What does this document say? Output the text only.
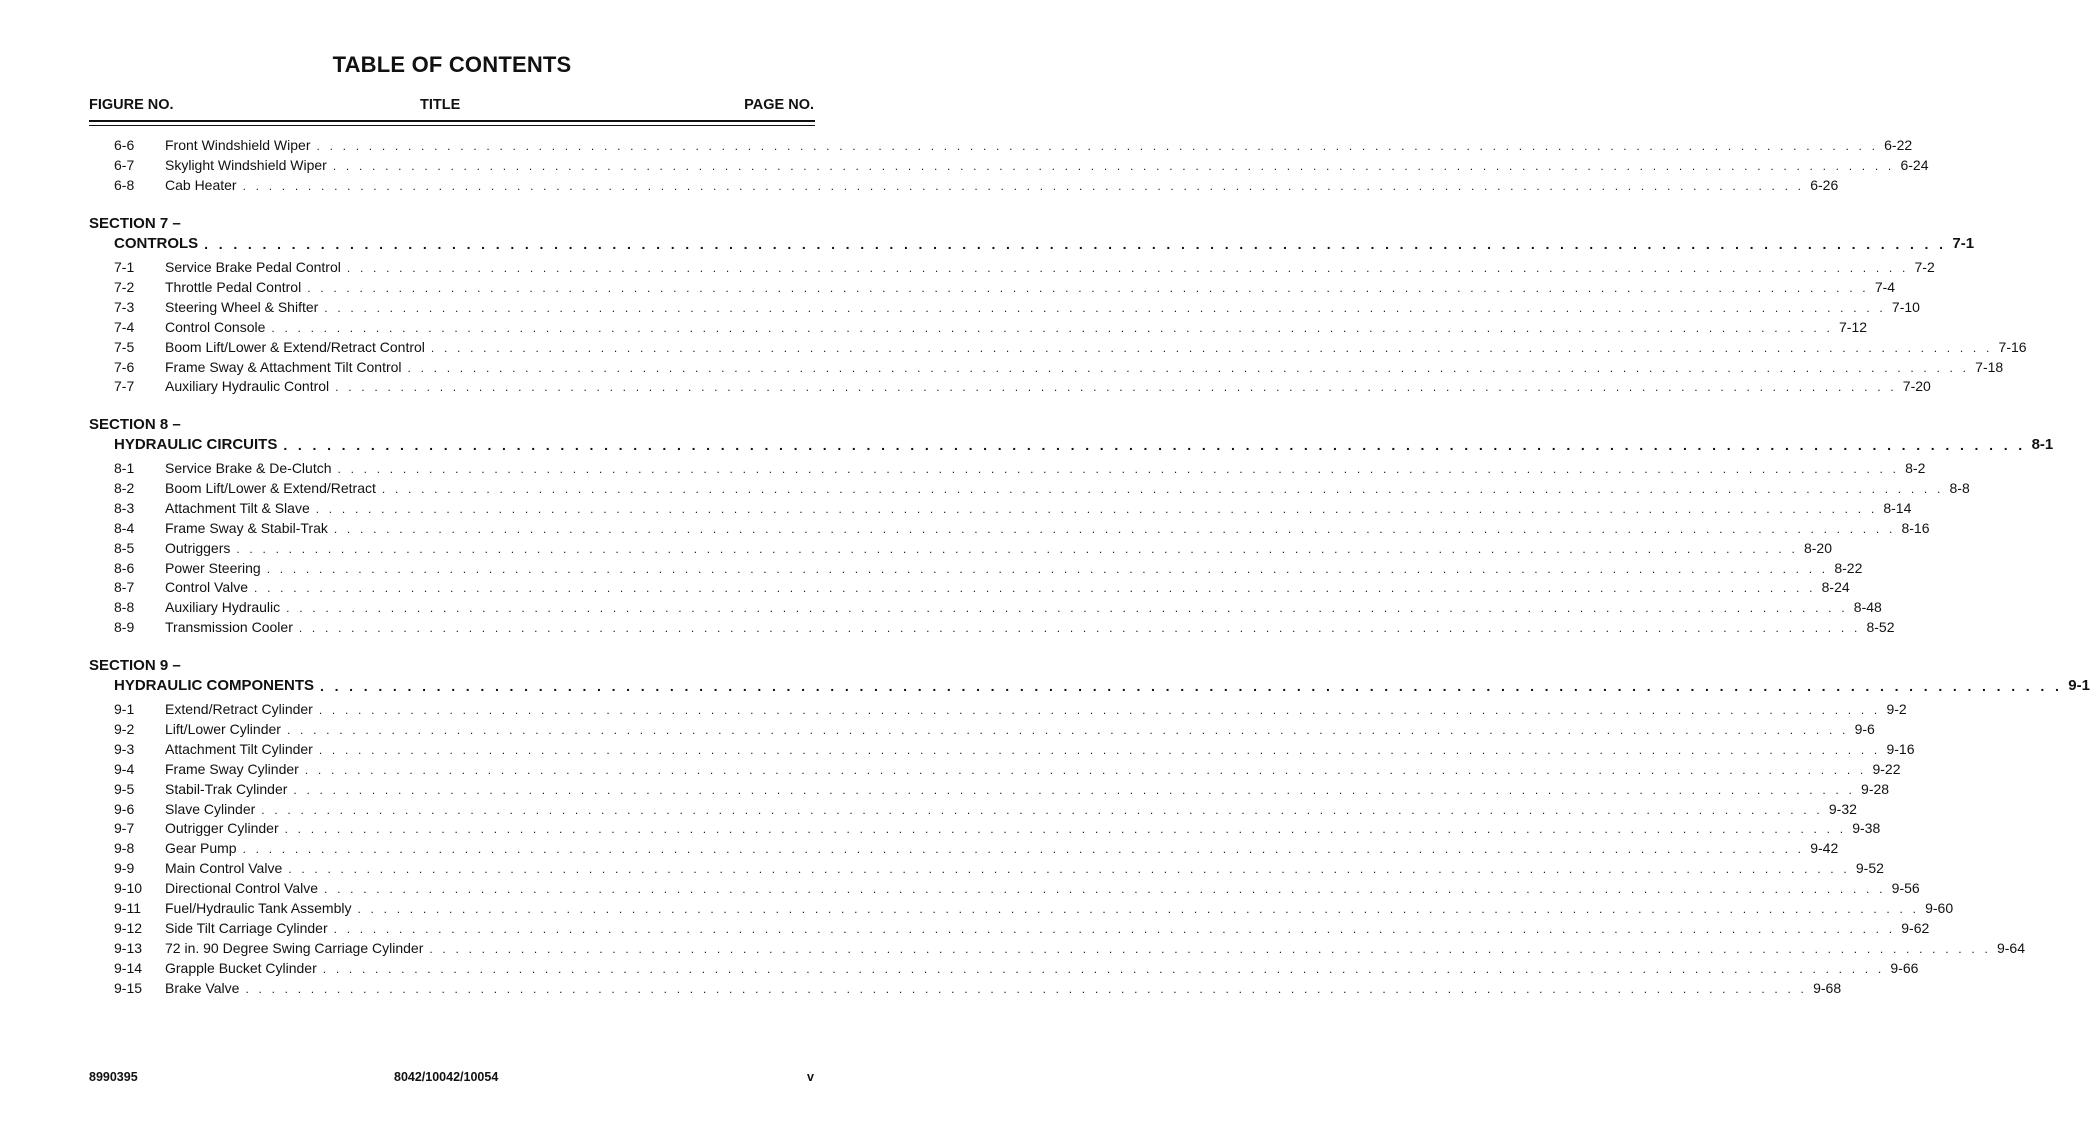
TABLE OF CONTENTS
FIGURE NO.	TITLE	PAGE NO.
6-6	Front Windshield Wiper . . . . . . . . . . . . . . . . . . . . . . . . . . . . . . . . . . . . . . . . . . . . . . . . . . . . . . . . . . . . . . . . . . . . . . . . . . . . . . . . . . . . . . . . . . . . . . . . . . . . . . . . . . . . . . . . . . . . . . . . 6-22
6-7	Skylight Windshield Wiper . . . . . . . . . . . . . . . . . . . . . . . . . . . . . . . . . . . . . . . . . . . . . . . . . . . . . . . . . . . . . . . . . . . . . . . . . . . . . . . . . . . . . . . . . . . . . . . . . . . . . . . . . . . . . . . . . . . . . . . . 6-24
6-8	Cab Heater . . . . . . . . . . . . . . . . . . . . . . . . . . . . . . . . . . . . . . . . . . . . . . . . . . . . . . . . . . . . . . . . . . . . . . . . . . . . . . . . . . . . . . . . . . . . . . . . . . . . . . . . . . . . . . . . . . . . . . . . 6-26
SECTION 7 –
CONTROLS . . . . . . . . . . . . . . . . . . . . . . . . . . . . . . . . . . . . . . . . . . . . . . . . . . . . . . . . . . . . . . . . . . . . . . . . . . . . . . . . . . . . . . . . . . . . . . . . . . . . . . . . . . . . . . . . . . . . . . . . 7-1
7-1	Service Brake Pedal Control . . . . . . . . . . . . . . . . . . . . . . . . . . . . . . . . . . . . . . . . . . . . . . . . . . . . . . . . . . . . . . . . . . . . . . . . . . . . . . . . . . . . . . . . . . . . . . . . . . . . . . . . . . . . . . . . . . . . . . . . 7-2
7-2	Throttle Pedal Control . . . . . . . . . . . . . . . . . . . . . . . . . . . . . . . . . . . . . . . . . . . . . . . . . . . . . . . . . . . . . . . . . . . . . . . . . . . . . . . . . . . . . . . . . . . . . . . . . . . . . . . . . . . . . . . . . . . . . . . . 7-4
7-3	Steering Wheel & Shifter . . . . . . . . . . . . . . . . . . . . . . . . . . . . . . . . . . . . . . . . . . . . . . . . . . . . . . . . . . . . . . . . . . . . . . . . . . . . . . . . . . . . . . . . . . . . . . . . . . . . . . . . . . . . . . . . . . . . . . . . 7-10
7-4	Control Console . . . . . . . . . . . . . . . . . . . . . . . . . . . . . . . . . . . . . . . . . . . . . . . . . . . . . . . . . . . . . . . . . . . . . . . . . . . . . . . . . . . . . . . . . . . . . . . . . . . . . . . . . . . . . . . . . . . . . . . . 7-12
7-5	Boom Lift/Lower & Extend/Retract Control . . . . . . . . . . . . . . . . . . . . . . . . . . . . . . . . . . . . . . . . . . . . . . . . . . . . . . . . . . . . . . . . . . . . . . . . . . . . . . . . . . . . . . . . . . . . . . . . . . . . . . . . . . . . . . . . . . . . . . . . 7-16
7-6	Frame Sway & Attachment Tilt Control . . . . . . . . . . . . . . . . . . . . . . . . . . . . . . . . . . . . . . . . . . . . . . . . . . . . . . . . . . . . . . . . . . . . . . . . . . . . . . . . . . . . . . . . . . . . . . . . . . . . . . . . . . . . . . . . . . . . . . . . 7-18
7-7	Auxiliary Hydraulic Control . . . . . . . . . . . . . . . . . . . . . . . . . . . . . . . . . . . . . . . . . . . . . . . . . . . . . . . . . . . . . . . . . . . . . . . . . . . . . . . . . . . . . . . . . . . . . . . . . . . . . . . . . . . . . . . . . . . . . . . . 7-20
SECTION 8 –
HYDRAULIC CIRCUITS . . . . . . . . . . . . . . . . . . . . . . . . . . . . . . . . . . . . . . . . . . . . . . . . . . . . . . . . . . . . . . . . . . . . . . . . . . . . . . . . . . . . . . . . . . . . . . . . . . . . . . . . . . . . . . . . . . . . . . . . 8-1
8-1	Service Brake & De-Clutch . . . . . . . . . . . . . . . . . . . . . . . . . . . . . . . . . . . . . . . . . . . . . . . . . . . . . . . . . . . . . . . . . . . . . . . . . . . . . . . . . . . . . . . . . . . . . . . . . . . . . . . . . . . . . . . . . . . . . . . . 8-2
8-2	Boom Lift/Lower & Extend/Retract . . . . . . . . . . . . . . . . . . . . . . . . . . . . . . . . . . . . . . . . . . . . . . . . . . . . . . . . . . . . . . . . . . . . . . . . . . . . . . . . . . . . . . . . . . . . . . . . . . . . . . . . . . . . . . . . . . . . . . . . 8-8
8-3	Attachment Tilt & Slave . . . . . . . . . . . . . . . . . . . . . . . . . . . . . . . . . . . . . . . . . . . . . . . . . . . . . . . . . . . . . . . . . . . . . . . . . . . . . . . . . . . . . . . . . . . . . . . . . . . . . . . . . . . . . . . . . . . . . . . . 8-14
8-4	Frame Sway & Stabil-Trak . . . . . . . . . . . . . . . . . . . . . . . . . . . . . . . . . . . . . . . . . . . . . . . . . . . . . . . . . . . . . . . . . . . . . . . . . . . . . . . . . . . . . . . . . . . . . . . . . . . . . . . . . . . . . . . . . . . . . . . . 8-16
8-5	Outriggers . . . . . . . . . . . . . . . . . . . . . . . . . . . . . . . . . . . . . . . . . . . . . . . . . . . . . . . . . . . . . . . . . . . . . . . . . . . . . . . . . . . . . . . . . . . . . . . . . . . . . . . . . . . . . . . . . . . . . . . . 8-20
8-6	Power Steering . . . . . . . . . . . . . . . . . . . . . . . . . . . . . . . . . . . . . . . . . . . . . . . . . . . . . . . . . . . . . . . . . . . . . . . . . . . . . . . . . . . . . . . . . . . . . . . . . . . . . . . . . . . . . . . . . . . . . . . . 8-22
8-7	Control Valve . . . . . . . . . . . . . . . . . . . . . . . . . . . . . . . . . . . . . . . . . . . . . . . . . . . . . . . . . . . . . . . . . . . . . . . . . . . . . . . . . . . . . . . . . . . . . . . . . . . . . . . . . . . . . . . . . . . . . . . . 8-24
8-8	Auxiliary Hydraulic . . . . . . . . . . . . . . . . . . . . . . . . . . . . . . . . . . . . . . . . . . . . . . . . . . . . . . . . . . . . . . . . . . . . . . . . . . . . . . . . . . . . . . . . . . . . . . . . . . . . . . . . . . . . . . . . . . . . . . . . 8-48
8-9	Transmission Cooler . . . . . . . . . . . . . . . . . . . . . . . . . . . . . . . . . . . . . . . . . . . . . . . . . . . . . . . . . . . . . . . . . . . . . . . . . . . . . . . . . . . . . . . . . . . . . . . . . . . . . . . . . . . . . . . . . . . . . . . . 8-52
SECTION 9 –
HYDRAULIC COMPONENTS . . . . . . . . . . . . . . . . . . . . . . . . . . . . . . . . . . . . . . . . . . . . . . . . . . . . . . . . . . . . . . . . . . . . . . . . . . . . . . . . . . . . . . . . . . . . . . . . . . . . . . . . . . . . . . . . . . . . . . . . 9-1
9-1	Extend/Retract Cylinder . . . . . . . . . . . . . . . . . . . . . . . . . . . . . . . . . . . . . . . . . . . . . . . . . . . . . . . . . . . . . . . . . . . . . . . . . . . . . . . . . . . . . . . . . . . . . . . . . . . . . . . . . . . . . . . . . . . . . . . . 9-2
9-2	Lift/Lower Cylinder . . . . . . . . . . . . . . . . . . . . . . . . . . . . . . . . . . . . . . . . . . . . . . . . . . . . . . . . . . . . . . . . . . . . . . . . . . . . . . . . . . . . . . . . . . . . . . . . . . . . . . . . . . . . . . . . . . . . . . . . 9-6
9-3	Attachment Tilt Cylinder . . . . . . . . . . . . . . . . . . . . . . . . . . . . . . . . . . . . . . . . . . . . . . . . . . . . . . . . . . . . . . . . . . . . . . . . . . . . . . . . . . . . . . . . . . . . . . . . . . . . . . . . . . . . . . . . . . . . . . . . 9-16
9-4	Frame Sway Cylinder . . . . . . . . . . . . . . . . . . . . . . . . . . . . . . . . . . . . . . . . . . . . . . . . . . . . . . . . . . . . . . . . . . . . . . . . . . . . . . . . . . . . . . . . . . . . . . . . . . . . . . . . . . . . . . . . . . . . . . . . 9-22
9-5	Stabil-Trak Cylinder . . . . . . . . . . . . . . . . . . . . . . . . . . . . . . . . . . . . . . . . . . . . . . . . . . . . . . . . . . . . . . . . . . . . . . . . . . . . . . . . . . . . . . . . . . . . . . . . . . . . . . . . . . . . . . . . . . . . . . . . 9-28
9-6	Slave Cylinder . . . . . . . . . . . . . . . . . . . . . . . . . . . . . . . . . . . . . . . . . . . . . . . . . . . . . . . . . . . . . . . . . . . . . . . . . . . . . . . . . . . . . . . . . . . . . . . . . . . . . . . . . . . . . . . . . . . . . . . . 9-32
9-7	Outrigger Cylinder . . . . . . . . . . . . . . . . . . . . . . . . . . . . . . . . . . . . . . . . . . . . . . . . . . . . . . . . . . . . . . . . . . . . . . . . . . . . . . . . . . . . . . . . . . . . . . . . . . . . . . . . . . . . . . . . . . . . . . . . 9-38
9-8	Gear Pump . . . . . . . . . . . . . . . . . . . . . . . . . . . . . . . . . . . . . . . . . . . . . . . . . . . . . . . . . . . . . . . . . . . . . . . . . . . . . . . . . . . . . . . . . . . . . . . . . . . . . . . . . . . . . . . . . . . . . . . . 9-42
9-9	Main Control Valve . . . . . . . . . . . . . . . . . . . . . . . . . . . . . . . . . . . . . . . . . . . . . . . . . . . . . . . . . . . . . . . . . . . . . . . . . . . . . . . . . . . . . . . . . . . . . . . . . . . . . . . . . . . . . . . . . . . . . . . . 9-52
9-10	Directional Control Valve . . . . . . . . . . . . . . . . . . . . . . . . . . . . . . . . . . . . . . . . . . . . . . . . . . . . . . . . . . . . . . . . . . . . . . . . . . . . . . . . . . . . . . . . . . . . . . . . . . . . . . . . . . . . . . . . . . . . . . . . 9-56
9-11	Fuel/Hydraulic Tank Assembly . . . . . . . . . . . . . . . . . . . . . . . . . . . . . . . . . . . . . . . . . . . . . . . . . . . . . . . . . . . . . . . . . . . . . . . . . . . . . . . . . . . . . . . . . . . . . . . . . . . . . . . . . . . . . . . . . . . . . . . . 9-60
9-12	Side Tilt Carriage Cylinder . . . . . . . . . . . . . . . . . . . . . . . . . . . . . . . . . . . . . . . . . . . . . . . . . . . . . . . . . . . . . . . . . . . . . . . . . . . . . . . . . . . . . . . . . . . . . . . . . . . . . . . . . . . . . . . . . . . . . . . . 9-62
9-13	72 in. 90 Degree Swing Carriage Cylinder . . . . . . . . . . . . . . . . . . . . . . . . . . . . . . . . . . . . . . . . . . . . . . . . . . . . . . . . . . . . . . . . . . . . . . . . . . . . . . . . . . . . . . . . . . . . . . . . . . . . . . . . . . . . . . . . . . . . . . . . 9-64
9-14	Grapple Bucket Cylinder . . . . . . . . . . . . . . . . . . . . . . . . . . . . . . . . . . . . . . . . . . . . . . . . . . . . . . . . . . . . . . . . . . . . . . . . . . . . . . . . . . . . . . . . . . . . . . . . . . . . . . . . . . . . . . . . . . . . . . . . 9-66
9-15	Brake Valve . . . . . . . . . . . . . . . . . . . . . . . . . . . . . . . . . . . . . . . . . . . . . . . . . . . . . . . . . . . . . . . . . . . . . . . . . . . . . . . . . . . . . . . . . . . . . . . . . . . . . . . . . . . . . . . . . . . . . . . . 9-68
8990395	8042/10042/10054	v
